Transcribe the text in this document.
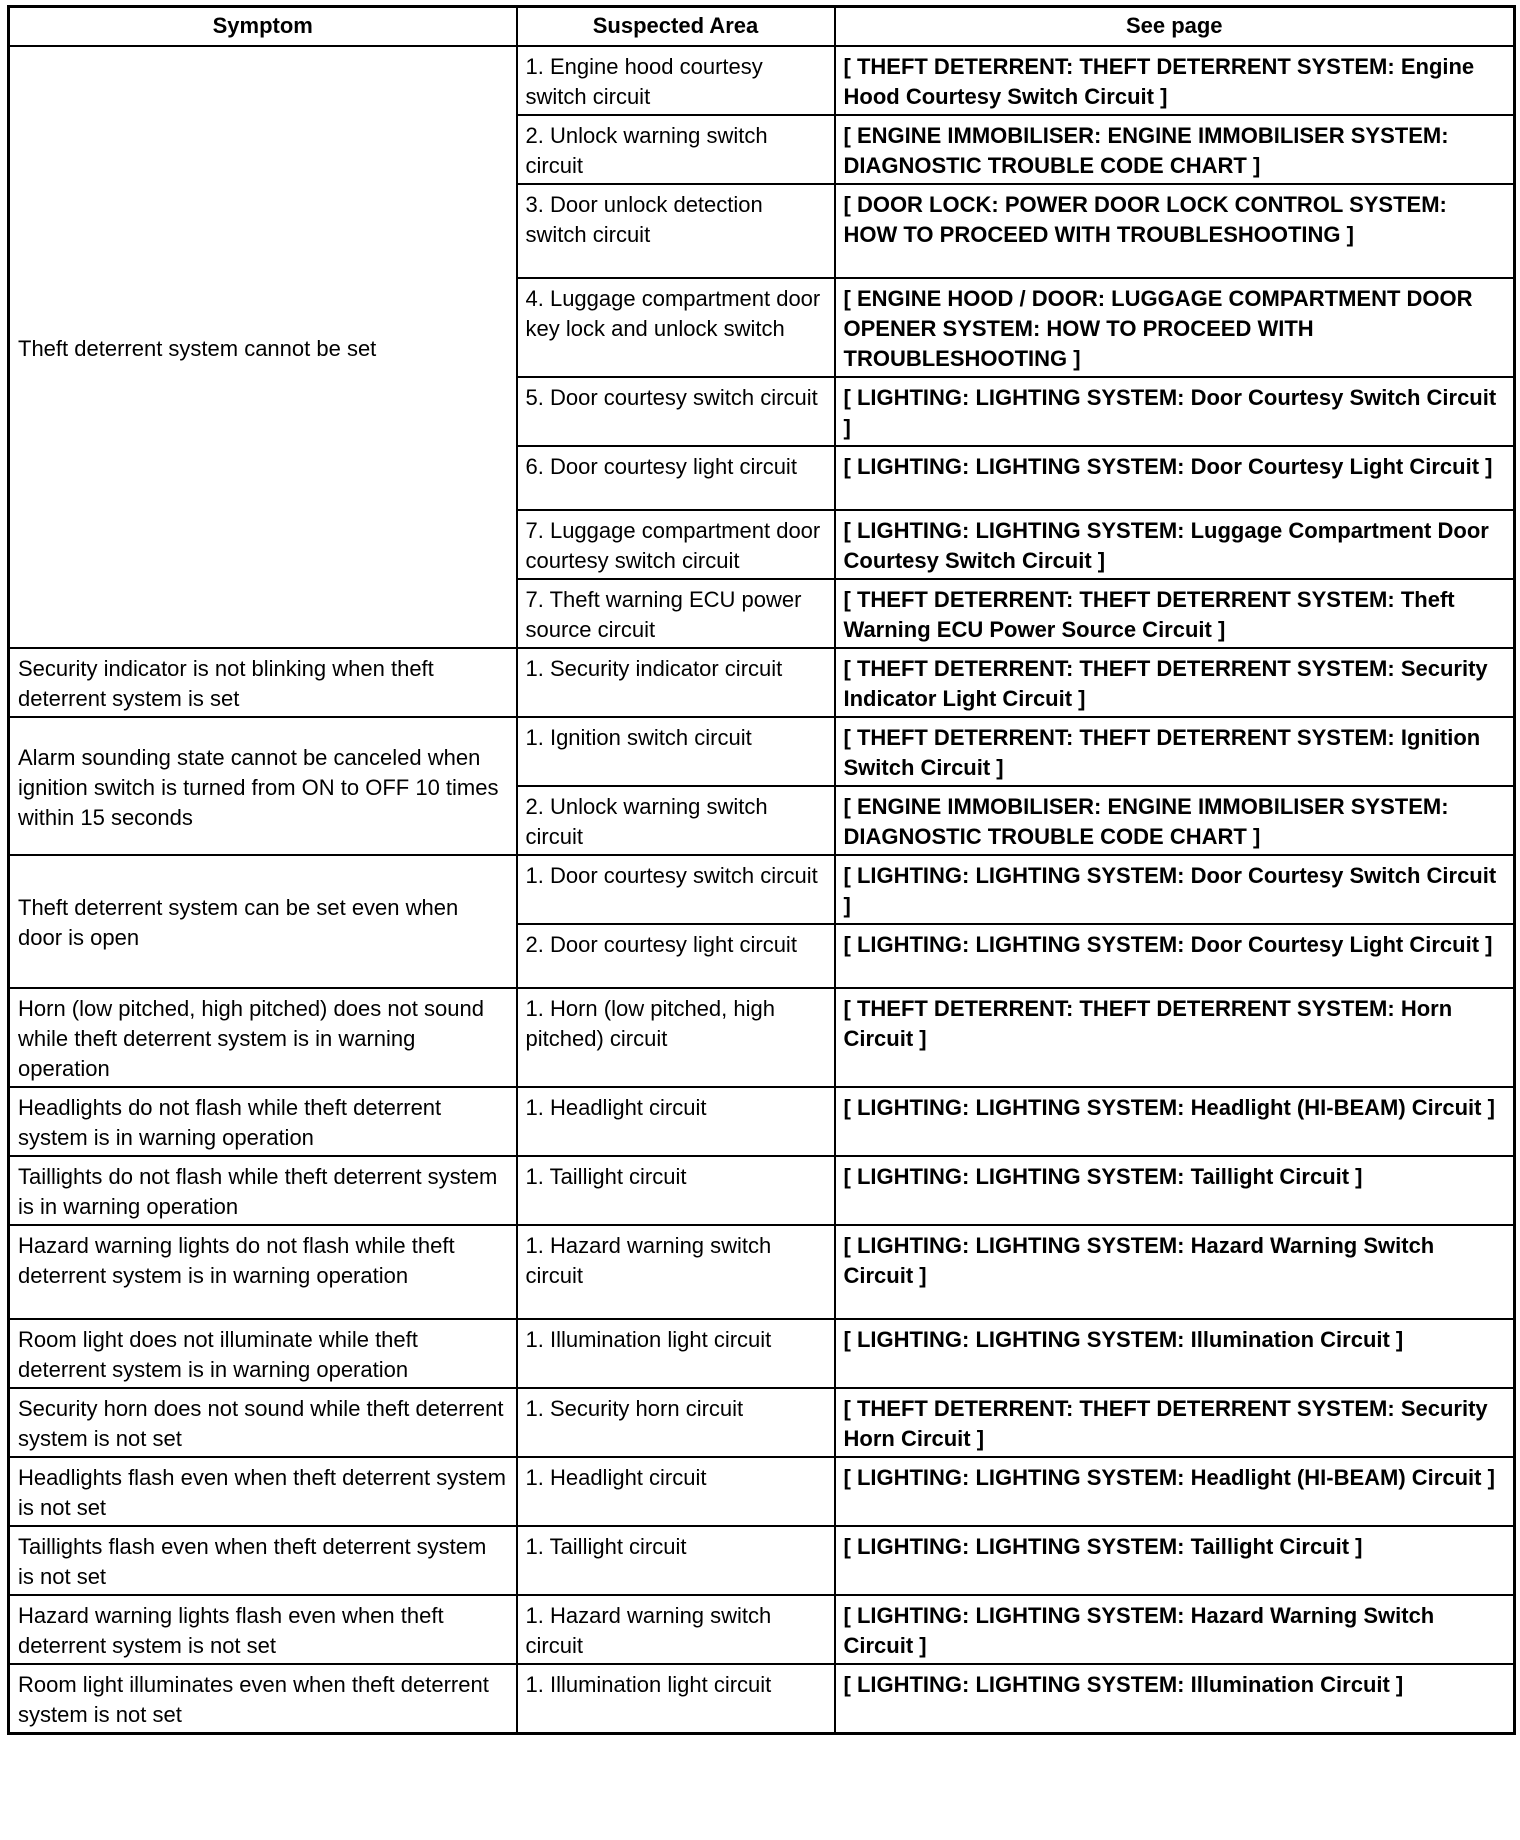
Symptom	Suspected Area	See page
Theft deterrent system cannot be set	1. Engine hood courtesy switch circuit	[ THEFT DETERRENT: THEFT DETERRENT SYSTEM: Engine Hood Courtesy Switch Circuit ]
	2. Unlock warning switch circuit	[ ENGINE IMMOBILISER: ENGINE IMMOBILISER SYSTEM: DIAGNOSTIC TROUBLE CODE CHART ]
	3. Door unlock detection switch circuit	[ DOOR LOCK: POWER DOOR LOCK CONTROL SYSTEM: HOW TO PROCEED WITH TROUBLESHOOTING ]
	4. Luggage compartment door key lock and unlock switch	[ ENGINE HOOD / DOOR: LUGGAGE COMPARTMENT DOOR OPENER SYSTEM: HOW TO PROCEED WITH TROUBLESHOOTING ]
	5. Door courtesy switch circuit	[ LIGHTING: LIGHTING SYSTEM: Door Courtesy Switch Circuit ]
	6. Door courtesy light circuit	[ LIGHTING: LIGHTING SYSTEM: Door Courtesy Light Circuit ]
	7. Luggage compartment door courtesy switch circuit	[ LIGHTING: LIGHTING SYSTEM: Luggage Compartment Door Courtesy Switch Circuit ]
	7. Theft warning ECU power source circuit	[ THEFT DETERRENT: THEFT DETERRENT SYSTEM: Theft Warning ECU Power Source Circuit ]
Security indicator is not blinking when theft deterrent system is set	1. Security indicator circuit	[ THEFT DETERRENT: THEFT DETERRENT SYSTEM: Security Indicator Light Circuit ]
Alarm sounding state cannot be canceled when ignition switch is turned from ON to OFF 10 times within 15 seconds	1. Ignition switch circuit	[ THEFT DETERRENT: THEFT DETERRENT SYSTEM: Ignition Switch Circuit ]
	2. Unlock warning switch circuit	[ ENGINE IMMOBILISER: ENGINE IMMOBILISER SYSTEM: DIAGNOSTIC TROUBLE CODE CHART ]
Theft deterrent system can be set even when door is open	1. Door courtesy switch circuit	[ LIGHTING: LIGHTING SYSTEM: Door Courtesy Switch Circuit ]
	2. Door courtesy light circuit	[ LIGHTING: LIGHTING SYSTEM: Door Courtesy Light Circuit ]
Horn (low pitched, high pitched) does not sound while theft deterrent system is in warning operation	1. Horn (low pitched, high pitched) circuit	[ THEFT DETERRENT: THEFT DETERRENT SYSTEM: Horn Circuit ]
Headlights do not flash while theft deterrent system is in warning operation	1. Headlight circuit	[ LIGHTING: LIGHTING SYSTEM: Headlight (HI-BEAM) Circuit ]
Taillights do not flash while theft deterrent system is in warning operation	1. Taillight circuit	[ LIGHTING: LIGHTING SYSTEM: Taillight Circuit ]
Hazard warning lights do not flash while theft deterrent system is in warning operation	1. Hazard warning switch circuit	[ LIGHTING: LIGHTING SYSTEM: Hazard Warning Switch Circuit ]
Room light does not illuminate while theft deterrent system is in warning operation	1. Illumination light circuit	[ LIGHTING: LIGHTING SYSTEM: Illumination Circuit ]
Security horn does not sound while theft deterrent system is not set	1. Security horn circuit	[ THEFT DETERRENT: THEFT DETERRENT SYSTEM: Security Horn Circuit ]
Headlights flash even when theft deterrent system is not set	1. Headlight circuit	[ LIGHTING: LIGHTING SYSTEM: Headlight (HI-BEAM) Circuit ]
Taillights flash even when theft deterrent system is not set	1. Taillight circuit	[ LIGHTING: LIGHTING SYSTEM: Taillight Circuit ]
Hazard warning lights flash even when theft deterrent system is not set	1. Hazard warning switch circuit	[ LIGHTING: LIGHTING SYSTEM: Hazard Warning Switch Circuit ]
Room light illuminates even when theft deterrent system is not set	1. Illumination light circuit	[ LIGHTING: LIGHTING SYSTEM: Illumination Circuit ]
